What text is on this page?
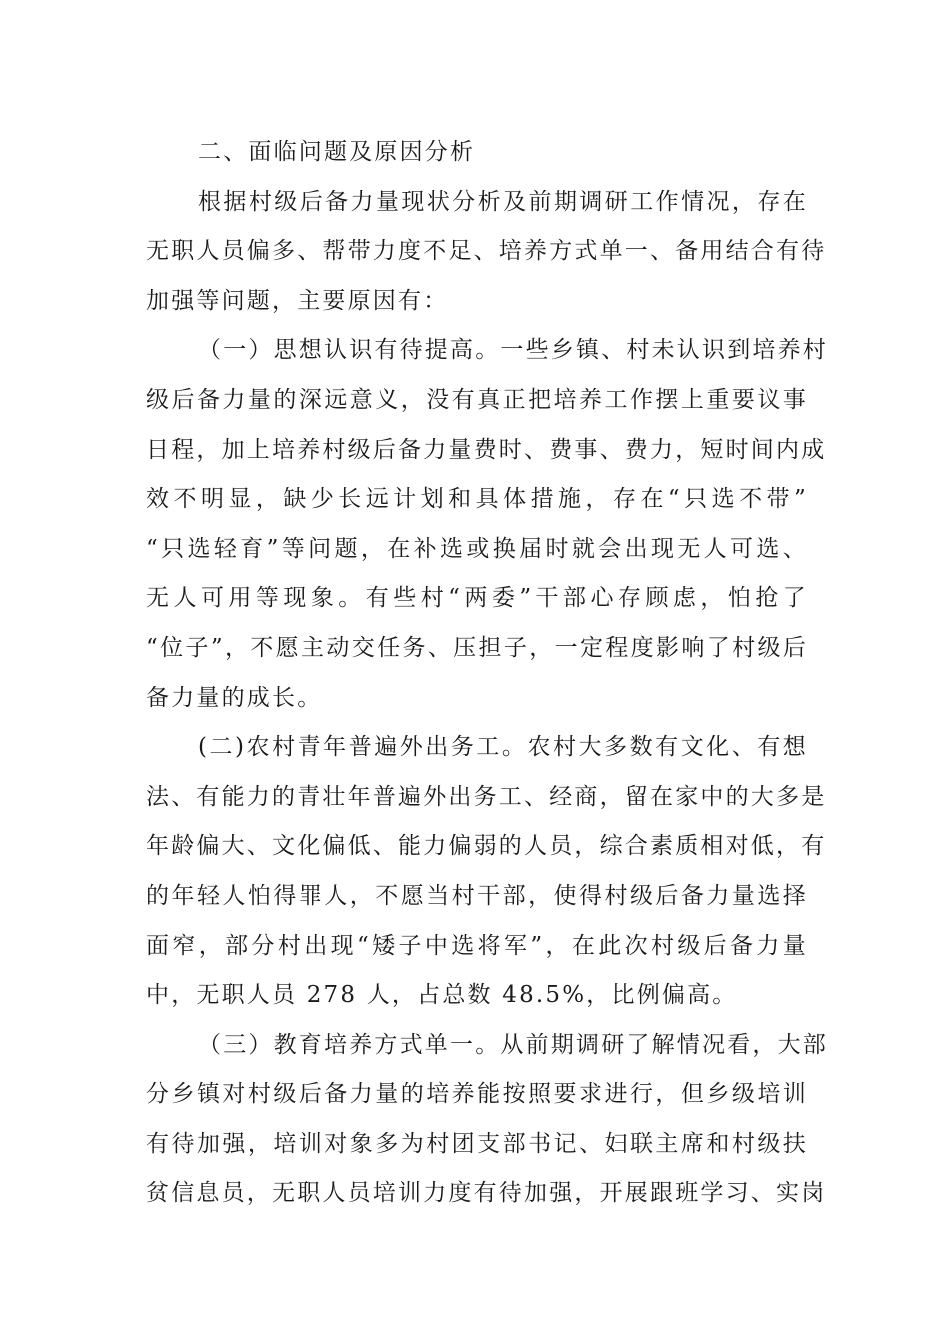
二、面临问题及原因分析
根据村级后备力量现状分析及前期调研工作情况，存在
无职人员偏多、帮带力度不足、培养方式单一、备用结合有待
加强等问题，主要原因有：
（一）思想认识有待提高。一些乡镇、村未认识到培养村
级后备力量的深远意义，没有真正把培养工作摆上重要议事
日程，加上培养村级后备力量费时、费事、费力，短时间内成
效不明显，缺少长远计划和具体措施，存在“只选不带”
“只选轻育”等问题，在补选或换届时就会出现无人可选、
无人可用等现象。有些村“两委”干部心存顾虑，怕抢了
“位子”，不愿主动交任务、压担子，一定程度影响了村级后
备力量的成长。
(二)农村青年普遍外出务工。农村大多数有文化、有想
法、有能力的青壮年普遍外出务工、经商，留在家中的大多是
年龄偏大、文化偏低、能力偏弱的人员，综合素质相对低，有
的年轻人怕得罪人，不愿当村干部，使得村级后备力量选择
面窄，部分村出现“矮子中选将军”，在此次村级后备力量
中，无职人员 278 人，占总数 48.5%，比例偏高。
（三）教育培养方式单一。从前期调研了解情况看，大部
分乡镇对村级后备力量的培养能按照要求进行，但乡级培训
有待加强，培训对象多为村团支部书记、妇联主席和村级扶
贫信息员，无职人员培训力度有待加强，开展跟班学习、实岗
